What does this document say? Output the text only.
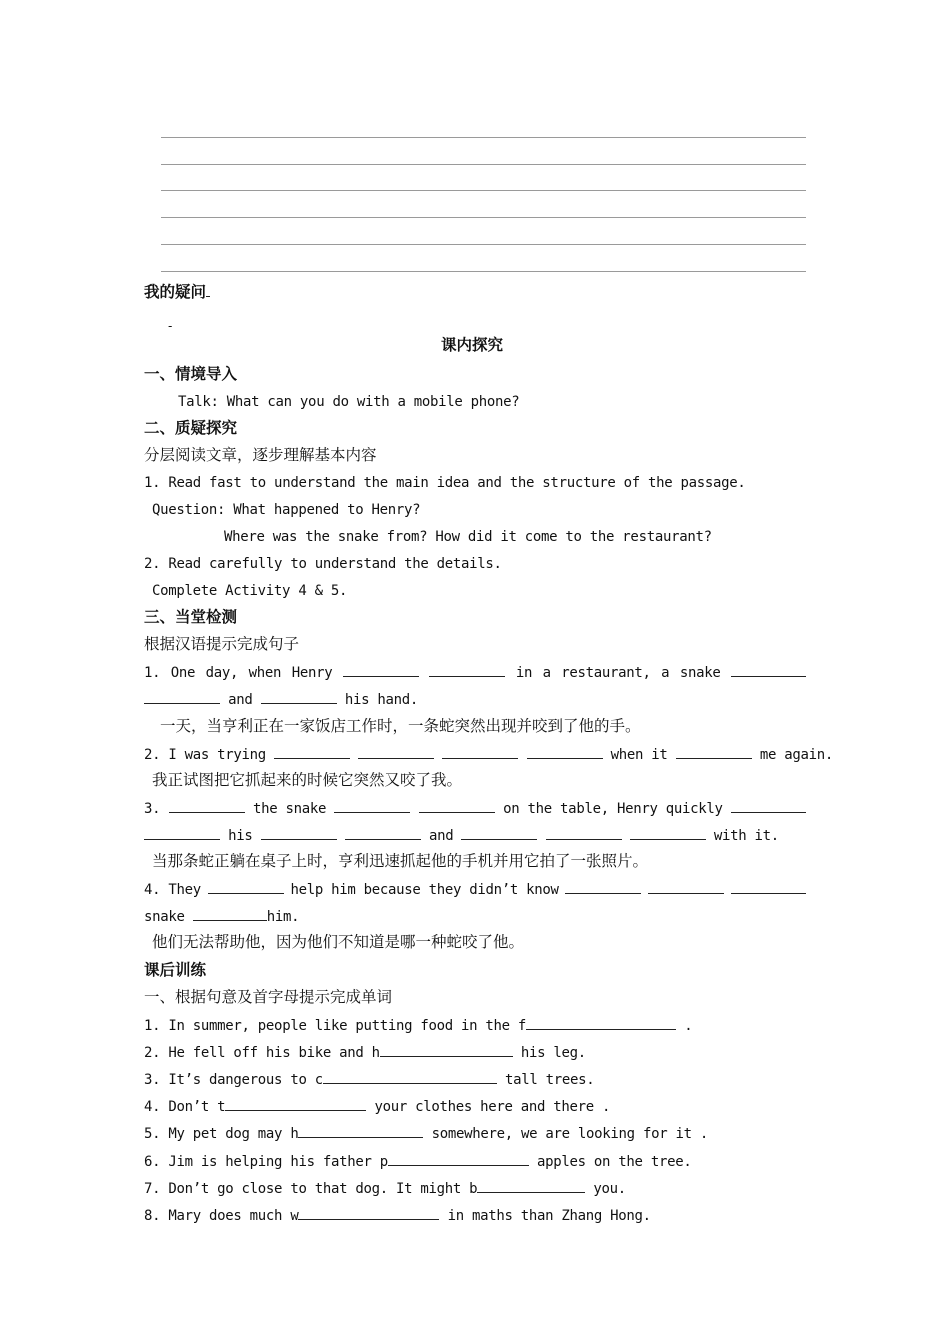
我的疑问
-
课内探究
一、情境导入
Talk: What can you do with a mobile phone?
二、质疑探究
分层阅读文章，逐步理解基本内容
1. Read fast to understand the main idea and the structure of the passage.
Question: What happened to Henry?
Where was the snake from? How did it come to the restaurant?
2. Read carefully to understand the details.
Complete Activity 4 & 5.
三、当堂检测
根据汉语提示完成句子
1. One day, when Henry	in a restaurant, a snake
and	his hand.
一天，当亨利正在一家饭店工作时，一条蛇突然出现并咬到了他的手。
2. I was trying	when it	me again.
我正试图把它抓起来的时候它突然又咬了我。
3.	the snake	on the table, Henry quickly
his	and	with it.
当那条蛇正躺在桌子上时，亨利迅速抓起他的手机并用它拍了一张照片。
4. They	help him because they didn’t know
snake	him.
他们无法帮助他，因为他们不知道是哪一种蛇咬了他。
课后训练
一、根据句意及首字母提示完成单词
1. In summer, people like putting food in the f	.
2. He fell off his bike and h	his leg.
3. It’s dangerous to c	tall trees.
4. Don’t t	your clothes here and there .
5. My pet dog may h	somewhere, we are looking for it .
6. Jim is helping his father p	apples on the tree.
7. Don’t go close to that dog. It might b	you.
8. Mary does much w	in maths than Zhang Hong.
